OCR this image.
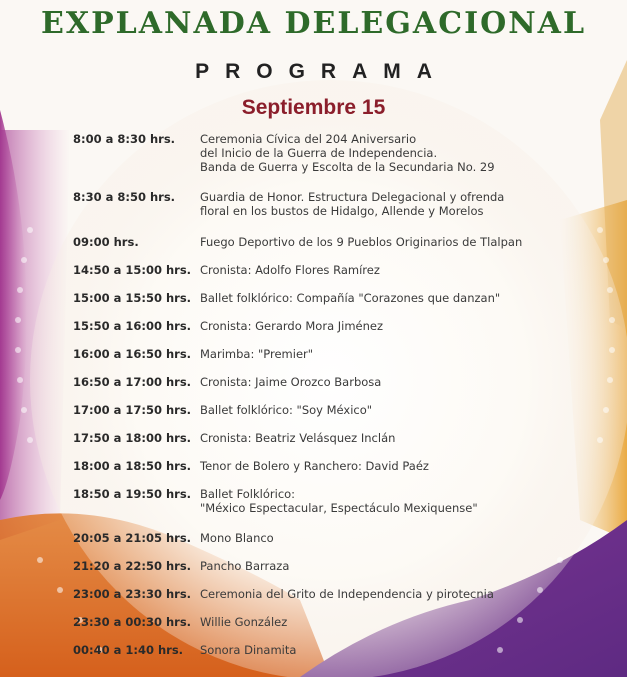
EXPLANADA DELEGACIONAL
PROGRAMA
Septiembre 15
8:00 a 8:30 hrs. Ceremonia Cívica del 204 Aniversario
del Inicio de la Guerra de Independencia.
Banda de Guerra y Escolta de la Secundaria No. 29
8:30 a 8:50 hrs. Guardia de Honor. Estructura Delegacional y ofrenda
floral en los bustos de Hidalgo, Allende y Morelos
09:00 hrs.	Fuego Deportivo de los 9 Pueblos Originarios de Tlalpan
14:50 a 15:00 hrs. Cronista: Adolfo Flores Ramírez
15:00 a 15:50 hrs. Ballet folklórico: Compañía "Corazones que danzan"
15:50 a 16:00 hrs. Cronista: Gerardo Mora Jiménez
16:00 a 16:50 hrs. Marimba: "Premier"
16:50 a 17:00 hrs. Cronista: Jaime Orozco Barbosa
17:00 a 17:50 hrs. Ballet folklórico: "Soy México"
17:50 a 18:00 hrs. Cronista: Beatriz Velásquez Inclán
18:00 a 18:50 hrs. Tenor de Bolero y Ranchero: David Paéz
18:50 a 19:50 hrs. Ballet Folklórico:
"México Espectacular, Espectáculo Mexiquense"
20:05 a 21:05 hrs. Mono Blanco
21:20 a 22:50 hrs. Pancho Barraza
23:00 a 23:30 hrs. Ceremonia del Grito de Independencia y pirotecnia
23:30 a 00:30 hrs. Willie González
00:40 a 1:40 hrs. Sonora Dinamita
